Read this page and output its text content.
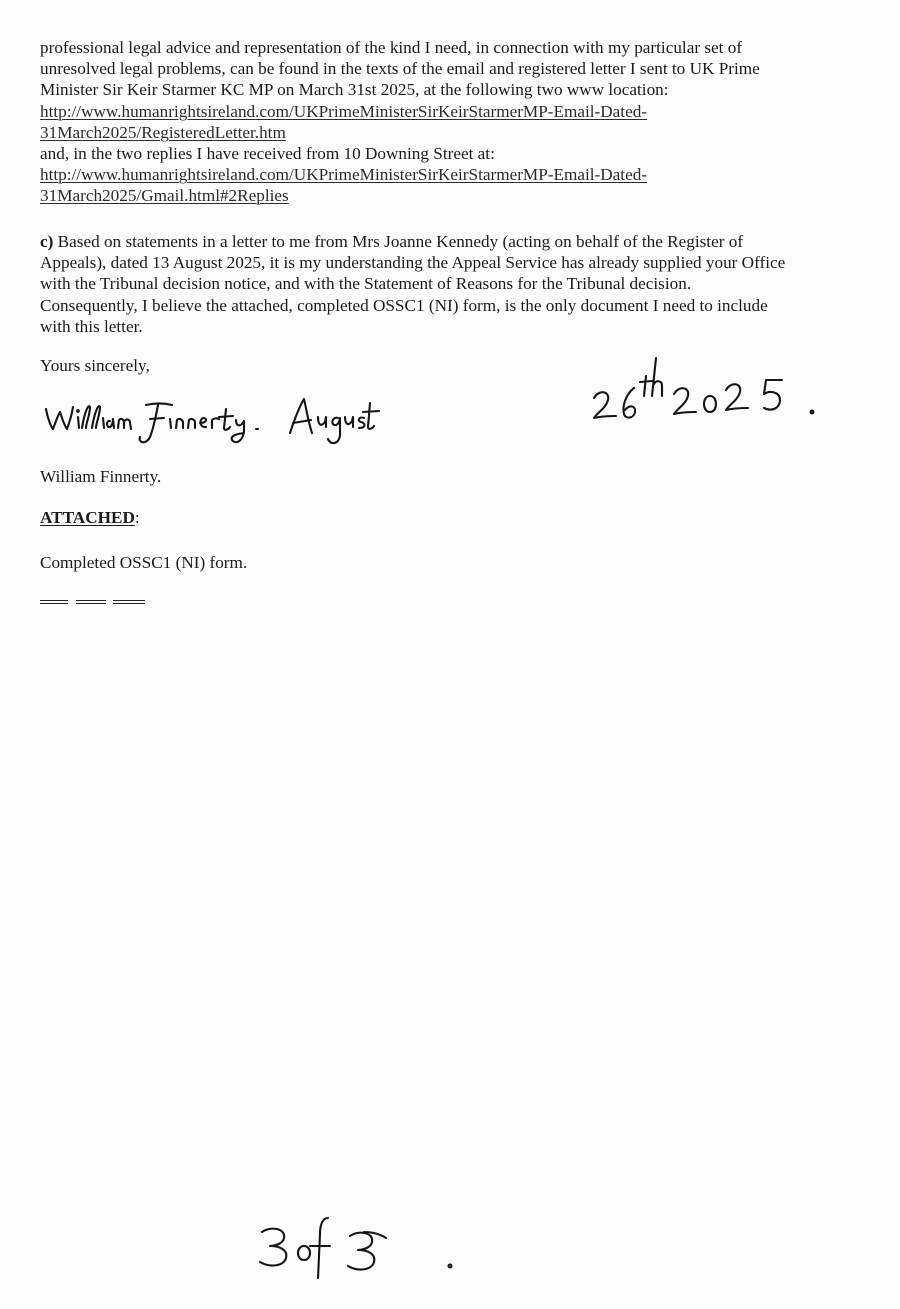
professional legal advice and representation of the kind I need, in connection with my particular set of
unresolved legal problems, can be found in the texts of the email and registered letter I sent to UK Prime
Minister Sir Keir Starmer KC MP on March 31st 2025, at the following two www location:
http://www.humanrightsireland.com/UKPrimeMinisterSirKeirStarmerMP-Email-Dated-
31March2025/RegisteredLetter.htm
and, in the two replies I have received from 10 Downing Street at:
http://www.humanrightsireland.com/UKPrimeMinisterSirKeirStarmerMP-Email-Dated-
31March2025/Gmail.html#2Replies
c) Based on statements in a letter to me from Mrs Joanne Kennedy (acting on behalf of the Register of
Appeals), dated 13 August 2025, it is my understanding the Appeal Service has already supplied your Office
with the Tribunal decision notice, and with the Statement of Reasons for the Tribunal decision.
Consequently, I believe the attached, completed OSSC1 (NI) form, is the only document I need to include
with this letter.
Yours sincerely,
William Finnerty.
ATTACHED:
Completed OSSC1 (NI) form.
